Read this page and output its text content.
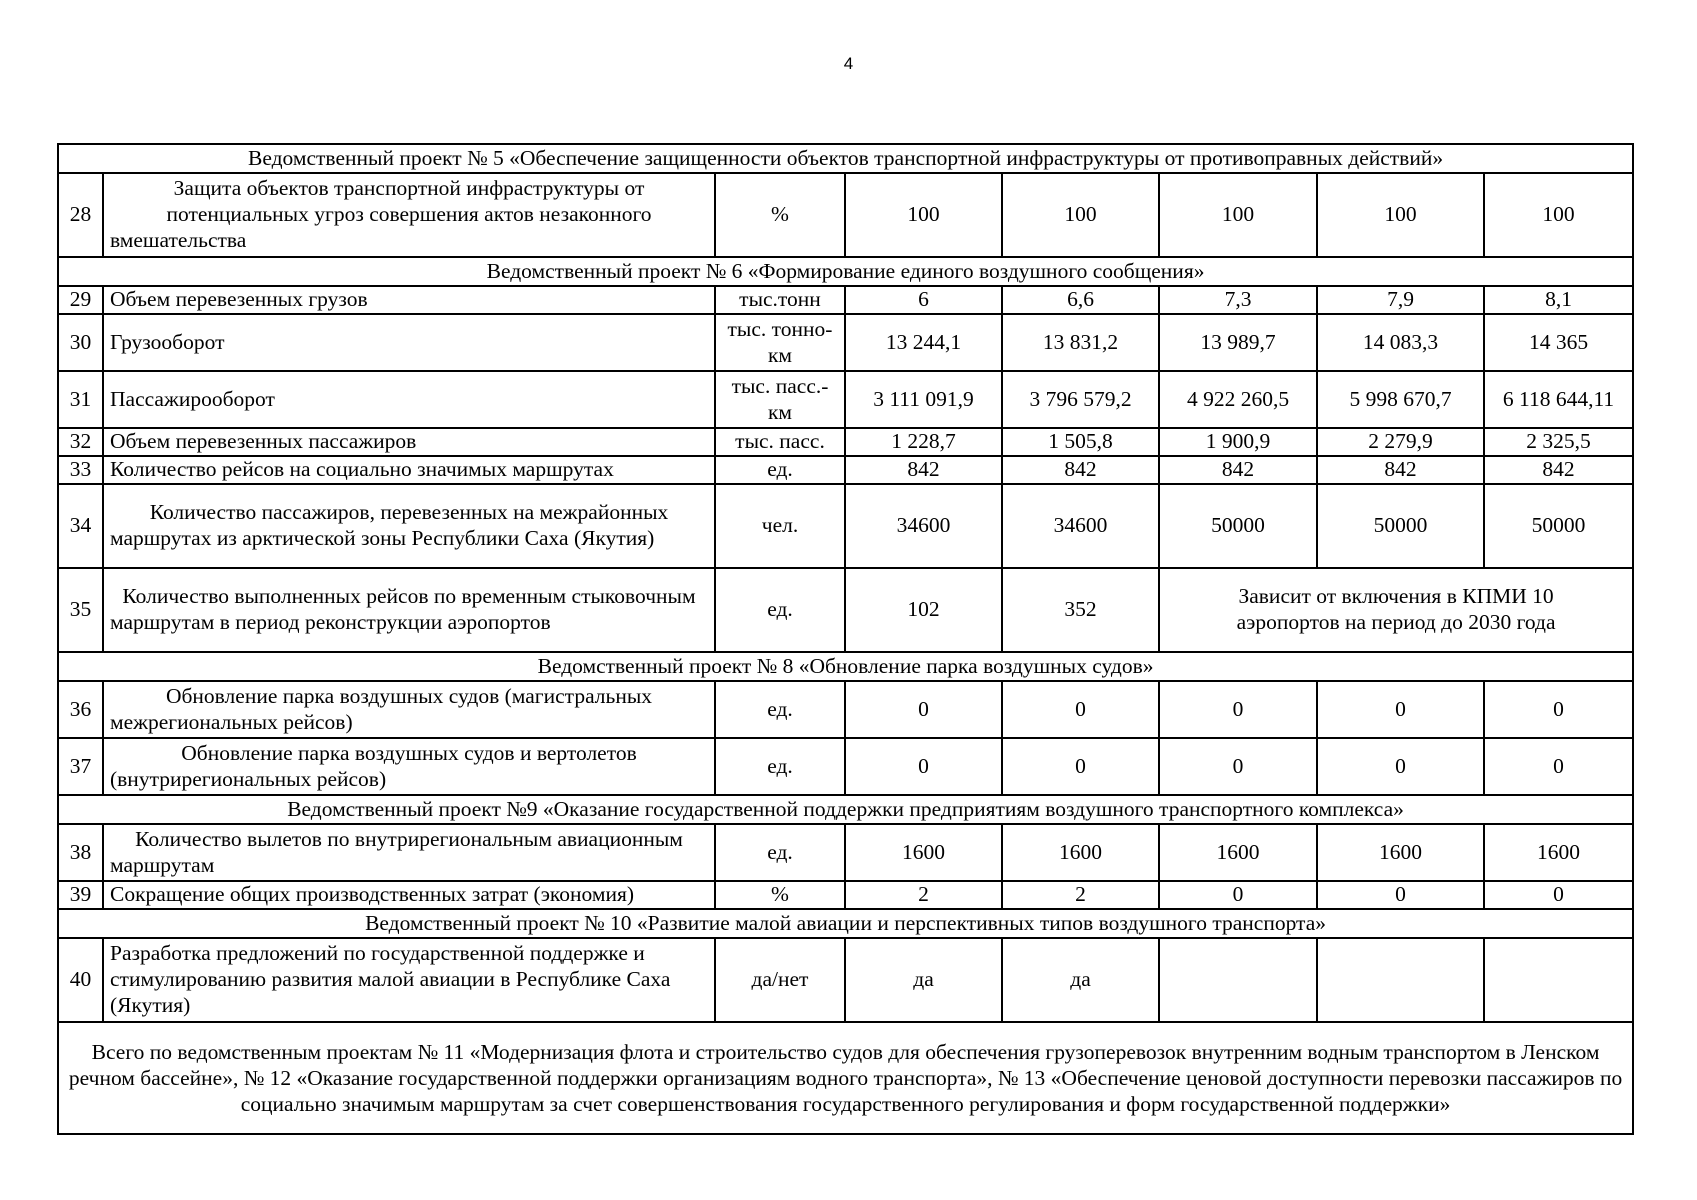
4
Ведомственный проект № 5 «Обеспечение защищенности объектов транспортной инфраструктуры от противоправных действий»							
28	Защита объектов транспортной инфраструктуры от потенциальных угроз совершения актов незаконного вмешательства	%	100	100	100	100	100
Ведомственный проект № 6 «Формирование единого воздушного сообщения»							
29	Объем перевезенных грузов	тыс.тонн	6	6,6	7,3	7,9	8,1
30	Грузооборот	тыс. тонно-км	13 244,1	13 831,2	13 989,7	14 083,3	14 365
31	Пассажирооборот	тыс. пасс.-км	3 111 091,9	3 796 579,2	4 922 260,5	5 998 670,7	6 118 644,11
32	Объем перевезенных пассажиров	тыс. пасс.	1 228,7	1 505,8	1 900,9	2 279,9	2 325,5
33	Количество рейсов на социально значимых маршрутах	ед.	842	842	842	842	842
34	Количество пассажиров, перевезенных на межрайонных маршрутах из арктической зоны Республики Саха (Якутия)	чел.	34600	34600	50000	50000	50000
35	Количество выполненных рейсов по временным стыковочным маршрутам в период реконструкции аэропортов	ед.	102	352	Зависит от включения в КПМИ 10 аэропортов на период до 2030 года		
Ведомственный проект № 8 «Обновление парка воздушных судов»							
36	Обновление парка воздушных судов (магистральных межрегиональных рейсов)	ед.	0	0	0	0	0
37	Обновление парка воздушных судов и вертолетов (внутрирегиональных рейсов)	ед.	0	0	0	0	0
Ведомственный проект №9 «Оказание государственной поддержки предприятиям воздушного транспортного комплекса»							
38	Количество вылетов по внутрирегиональным авиационным маршрутам	ед.	1600	1600	1600	1600	1600
39	Сокращение общих производственных затрат (экономия)	%	2	2	0	0	0
Ведомственный проект № 10 «Развитие малой авиации и перспективных типов воздушного транспорта»							
40	Разработка предложений по государственной поддержке и стимулированию развития малой авиации в Республике Саха (Якутия)	да/нет	да	да			
Всего по ведомственным проектам № 11 «Модернизация флота и строительство судов для обеспечения грузоперевозок внутренним водным транспортом в Ленском речном бассейне», № 12 «Оказание государственной поддержки организациям водного транспорта», № 13 «Обеспечение ценовой доступности перевозки пассажиров по социально значимым маршрутам за счет совершенствования государственного регулирования и форм государственной поддержки»							
